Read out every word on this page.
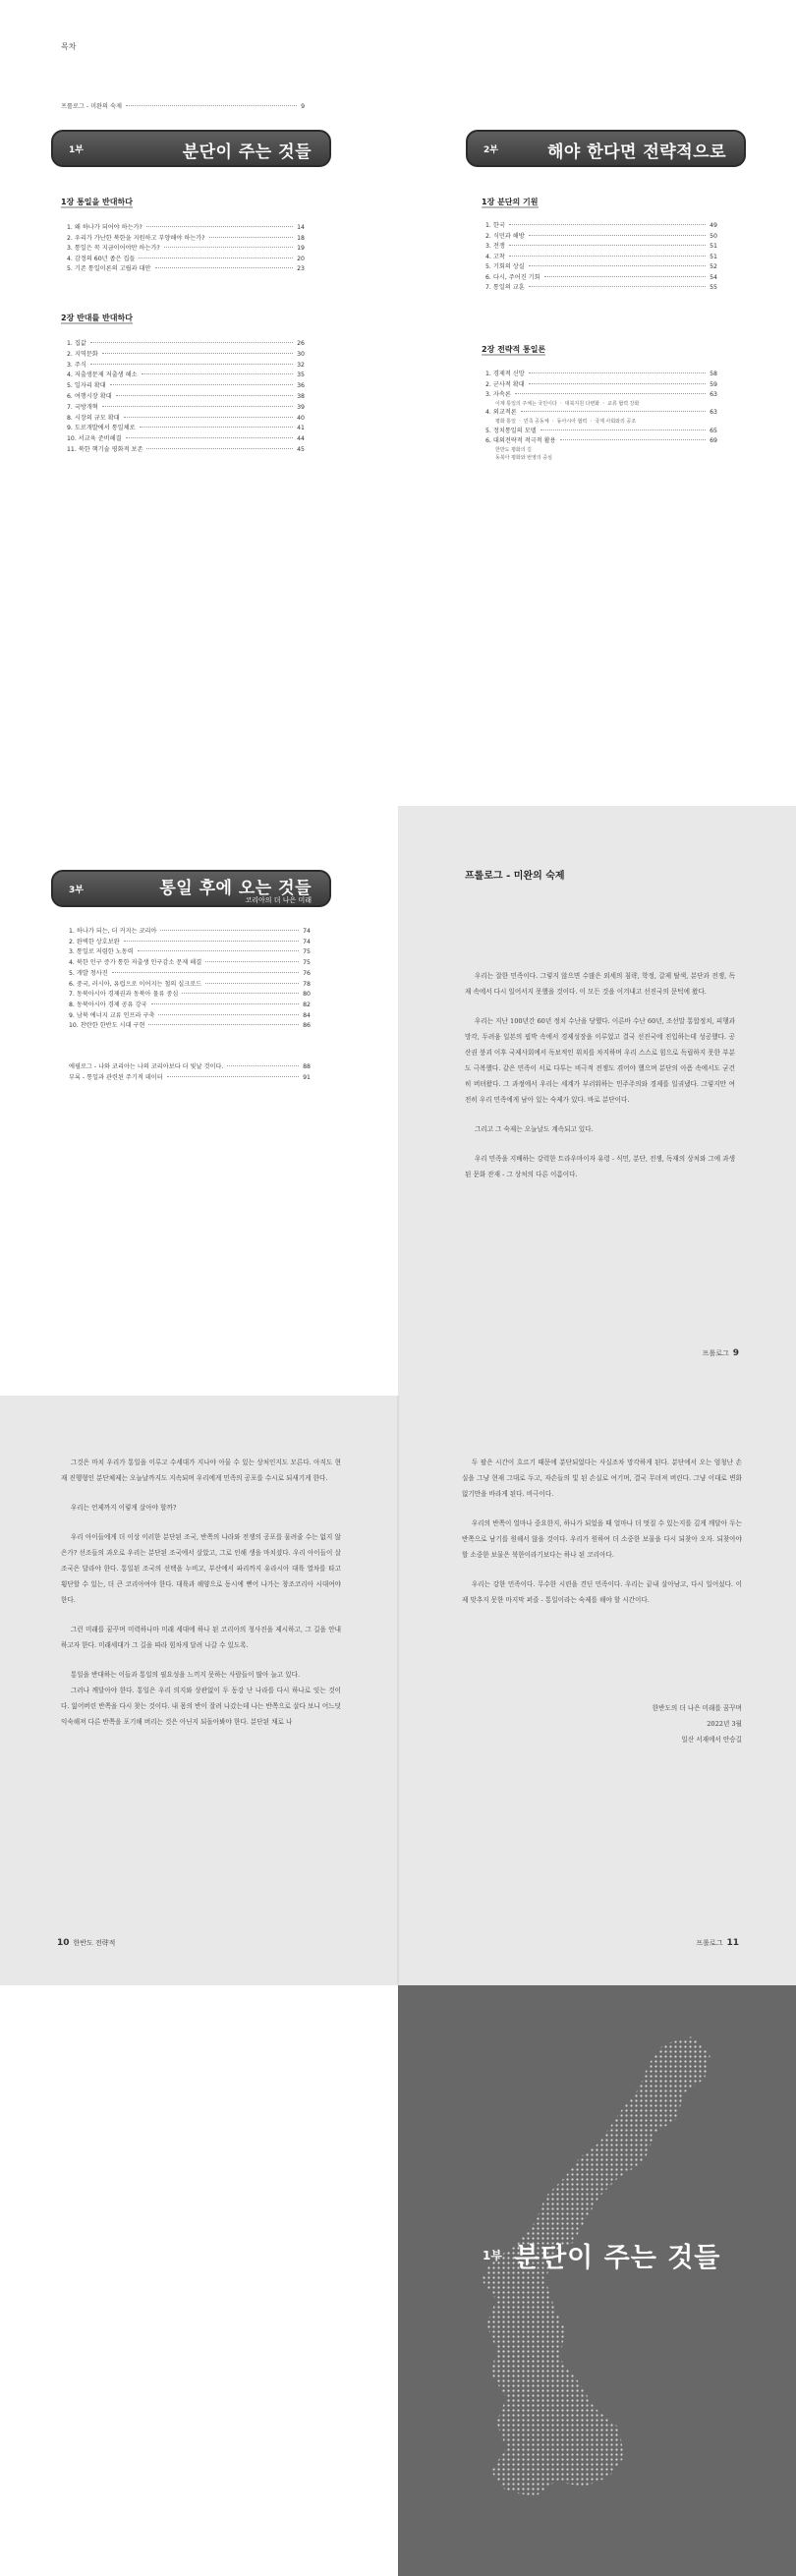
목차
프롤로그 - 미완의 숙제	9
1부	분단이 주는 것들
1장 통일을 반대하다
1. 왜 하나가 되어야 하는가?	14
2. 우리가 가난한 북한을 지원하고 부양해야 하는가?	18
3. 통일은 꼭 지금이어야만 하는가?	19
4. 감정의 60년 좁은 집들	20
5. 기존 통일이론의 고립과 대안	23
2장 반대를 반대하다
1. 집값	26
2. 지역문화	30
3. 주식	32
4. 저출생문제 저출생 해소	35
5. 일자리 확대	36
6. 여행시장 확대	38
7. 국방개혁	39
8. 시장의 규모 확대	40
9. 도로개발에서 통일체로	41
10. 서교육 준비해결	44
11. 북한 핵기술 평화적 보존	45
2부	해야 한다면 전략적으로
1장 분단의 기원
1. 한국	49
2. 식민과 해방	50
3. 전쟁	51
4. 고착	51
5. 기회의 상실	52
6. 다시, 주어진 기회	54
7. 통일의 교훈	55
2장 전략적 통일론
1. 경제적 신망	58
2. 군사적 확대	59
3. 자속론	63
이제 통일의 주체는 국민이다 ㆍ 대북지원 다변화 ㆍ 교류 협력 강화
4. 외교적론	63
평화 통일 ㆍ 민족 공동체 ㆍ 동아시아 협력 ㆍ 국제 사회와의 공조
5. 정치통일의 모델	65
6. 대외전략적 적극적 활용	69
한반도 평화의 길
동북아 평화와 번영의 중심
3부	통일 후에 오는 것들
코리아의 더 나은 미래
1. 하나가 되는, 더 커지는 코리아	74
2. 완벽한 상호보완	74
3. 통일로 저렴한 노동력	75
4. 북한 인구 증가 통한 저출생 인구감소 문제 해결	75
5. 개발 청사진	76
6. 중국, 러시아, 유럽으로 이어지는 철의 실크로드	78
7. 동북아시아 경제권과 동북아 물류 중심	80
8. 동북아시아 경제 공유 강국	82
9. 남북 에너지 교류 인프라 구축	84
10. 찬란한 한반도 시대 구현	86
에필로그 - 나와 코리아는 나의 코리아보다 더 빛날 것이다.	88
부록 - 통일과 관련된 주기적 데이터	91
프롤로그 - 미완의 숙제

우리는 잘한 민족이다. 그렇지 않으면 수많은 외세의 침략, 학정, 갈제 탈색, 분단과 전쟁, 독재 속에서 다시 일어서지 못했을 것이다. 이 모든 것을 이겨내고 선진국의 문턱에 왔다.

우리는 지난 100년간 60년 정치 수난을 당했다. 이른바 수난 60년, 조선말 통합정치, 피행과 망각, 두려움 일본의 핍박 속에서 경제성장을 이루었고 결국 선진국에 진입하는데 성공했다. 공산권 붕괴 이후 국제사회에서 독보적인 위치를 차지하며 우리 스스로 힘으로 독립하지 못한 부분도 극복했다. 같은 민족이 서로 다투는 비극적 전쟁도 겪어야 했으며 분단의 아픔 속에서도 굳건히 버텨왔다. 그 과정에서 우리는 세계가 부러워하는 민주주의와 경제를 일궈냈다. 그렇지만 여전히 우리 민족에게 남아 있는 숙제가 있다. 바로 분단이다.

그리고 그 숙제는 오늘날도 계속되고 있다.

우리 민족을 지배하는 강력한 트라우마이자 유령 - 식민, 분단, 전쟁, 독재의 상처와 그에 과생된 문화 잔재 - 그 상처의 다른 이름이다.

프롤로그 9

그것은 마치 우리가 통일을 이루고 수세대가 지나야 아물 수 있는 상처인지도 모른다. 아직도 현재 진행형인 분단체제는 오늘날까지도 지속되며 우리에게 민족의 공포를 수시로 되새기게 한다.

우리는 언제까지 이렇게 살아야 할까?

우리 아이들에게 더 이상 이러한 분단된 조국, 반쪽의 나라와 전쟁의 공포를 물려줄 수는 없지 않은가? 선조들의 과오로 우리는 분단된 조국에서 살았고, 그로 인해 생을 마치셨다. 우리 아이들이 살 조국은 달라야 한다. 통일된 조국의 선택을 누비고, 부산에서 파리까지 유라시아 대륙 열차를 타고 횡단할 수 있는, 더 큰 코리아여야 한다. 대륙과 해양으로 동시에 뻗어 나가는 창조코리아 시대여야 한다.

그런 미래를 꿈꾸며 미력하나마 미래 세대에 하나 된 코리아의 청사진을 제시하고, 그 길을 안내하고자 한다. 미래세대가 그 길을 따라 힘차게 달려 나갈 수 있도록.

통일을 반대하는 이들과 통일의 필요성을 느끼지 못하는 사람들이 많아 늘고 있다.

그러나 깨달아야 한다. 통일은 우리 의지와 상관없이 두 동강 난 나라를 다시 하나로 잇는 것이다. 잃어버린 반쪽을 다시 찾는 것이다. 내 몸의 반이 잘려 나갔는데 나는 반쪽으로 살다 보니 어느덧 익숙해져 다른 반쪽을 포기해 버리는 것은 아닌지 되돌아봐야 한다. 분단된 채로 나

10 한반도 전략적

두 팔은 시간이 흐르기 때문에 분단되었다는 사실조차 망각하게 된다. 분단에서 오는 엄청난 손실을 그냥 현재 그대로 두고, 자손들의 빛 된 손실로 여기며, 결국 무뎌져 버린다. 그냥 이대로 변화 없기만을 바라게 된다. 비극이다.

우리의 반쪽이 얼마나 중요한지, 하나가 되었을 때 얼마나 더 멋질 수 있는지를 깊게 깨달아 두는 반쪽으로 남기를 원해서 않을 것이다. 우리가 원하여 더 소중한 보물을 다시 되찾아 오자. 되찾아야 할 소중한 보물은 북한이라기보다는 하나 된 코리아다.

우리는 강한 민족이다. 무수한 시련을 견딘 민족이다. 우리는 끝내 살아남고, 다시 일어섰다. 이제 맞추지 못한 마지막 퍼즐 - 통일이라는 숙제를 해야 할 시간이다.

한반도의 더 나은 미래를 꿈꾸며
2022년 3월
일산 서재에서 안승길
프롤로그 11
1부 분단이 주는 것들
